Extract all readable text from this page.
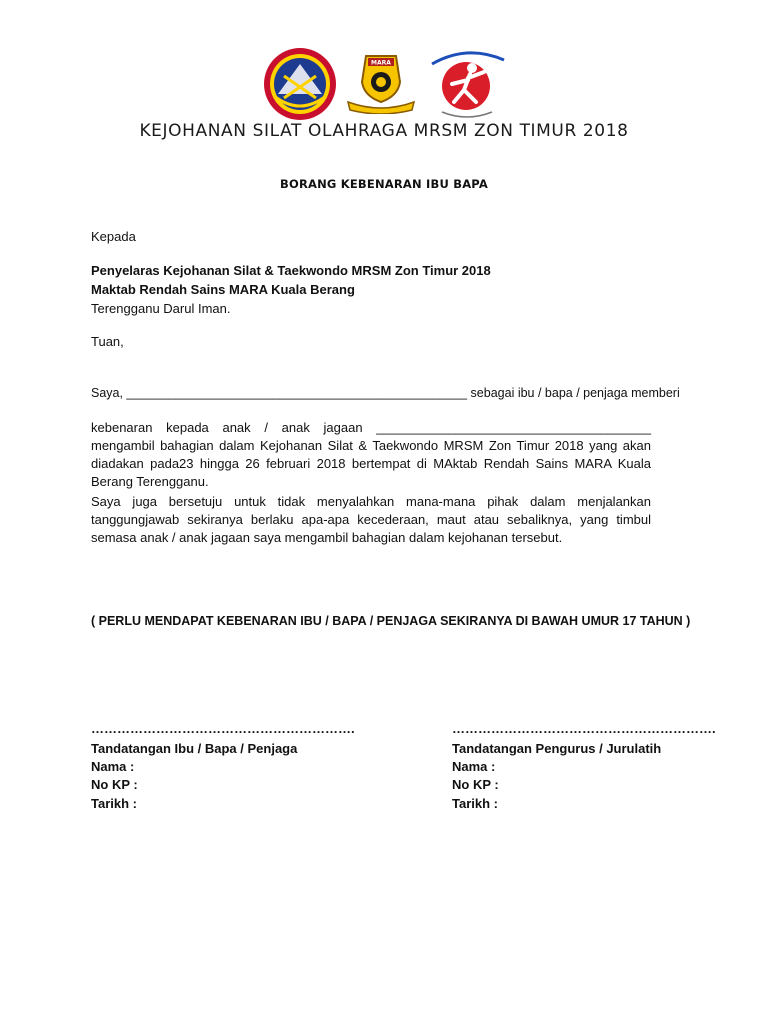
MARA
KEJOHANAN SILAT OLAHRAGA MRSM ZON TIMUR 2018
BORANG KEBENARAN IBU BAPA
Kepada
Penyelaras Kejohanan Silat & Taekwondo MRSM Zon Timur 2018
Maktab Rendah Sains MARA Kuala Berang
Terengganu Darul Iman.
Tuan,
Saya, _________________________________________________ sebagai ibu / bapa / penjaga memberi
kebenaran kepada anak / anak jagaan ______________________________________ mengambil bahagian dalam Kejohanan Silat & Taekwondo MRSM Zon Timur 2018 yang akan diadakan pada23 hingga 26 februari 2018 bertempat di MAktab Rendah Sains MARA Kuala Berang Terengganu.
Saya juga bersetuju untuk tidak menyalahkan mana-mana pihak dalam menjalankan tanggungjawab sekiranya berlaku apa-apa kecederaan, maut atau sebaliknya, yang timbul semasa anak / anak jagaan saya mengambil bahagian dalam kejohanan tersebut.
( PERLU MENDAPAT KEBENARAN IBU / BAPA / PENJAGA SEKIRANYA DI BAWAH UMUR 17 TAHUN )
…………………………………………………….
Tandatangan Ibu / Bapa / Penjaga
Nama :
No KP :
Tarikh :
…………………………………………………….
Tandatangan Pengurus / Jurulatih
Nama :
No KP :
Tarikh :
